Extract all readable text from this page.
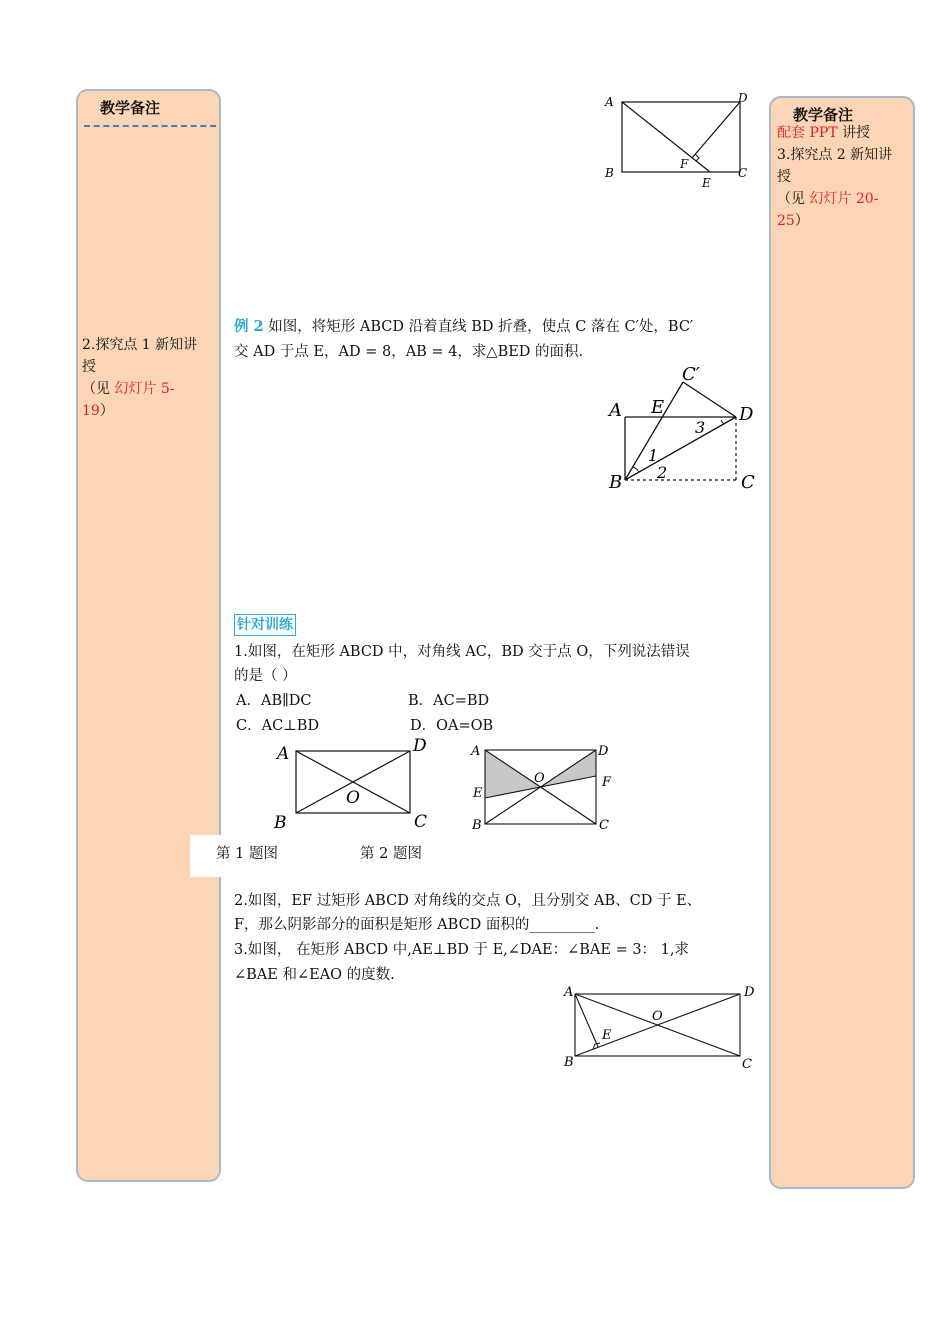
教学备注
2.探究点 1 新知讲
授
（见 幻灯片 5-
19）
教学备注
配套 PPT 讲授
3.探究点 2 新知讲
授
（见 幻灯片 20-
25）
A	D
B	C
F
E
例 2 如图，将矩形 ABCD 沿着直线 BD 折叠，使点 C 落在 C′处，BC′
交 AD 于点 E，AD = 8，AB = 4，求△BED 的面积.
C′
A E	D
B	C
1
2
3
针对训练
1.如图，在矩形 ABCD 中，对角线 AC，BD 交于点 O，下列说法错误
的是（ ）
A．AB∥DC	B．AC=BD
C．AC⊥BD	D．OA=OB
A	D
B	C
O
A	D
E
F
O
B	C
第 1 题图	第 2 题图
2.如图，EF 过矩形 ABCD 对角线的交点 O，且分别交 AB、CD 于 E、
F，那么阴影部分的面积是矩形 ABCD 面积的_________.
3.如图， 在矩形 ABCD 中,AE⊥BD 于 E,∠DAE：∠BAE = 3： 1,求
∠BAE 和∠EAO 的度数.
A	D
B	C
E
O
